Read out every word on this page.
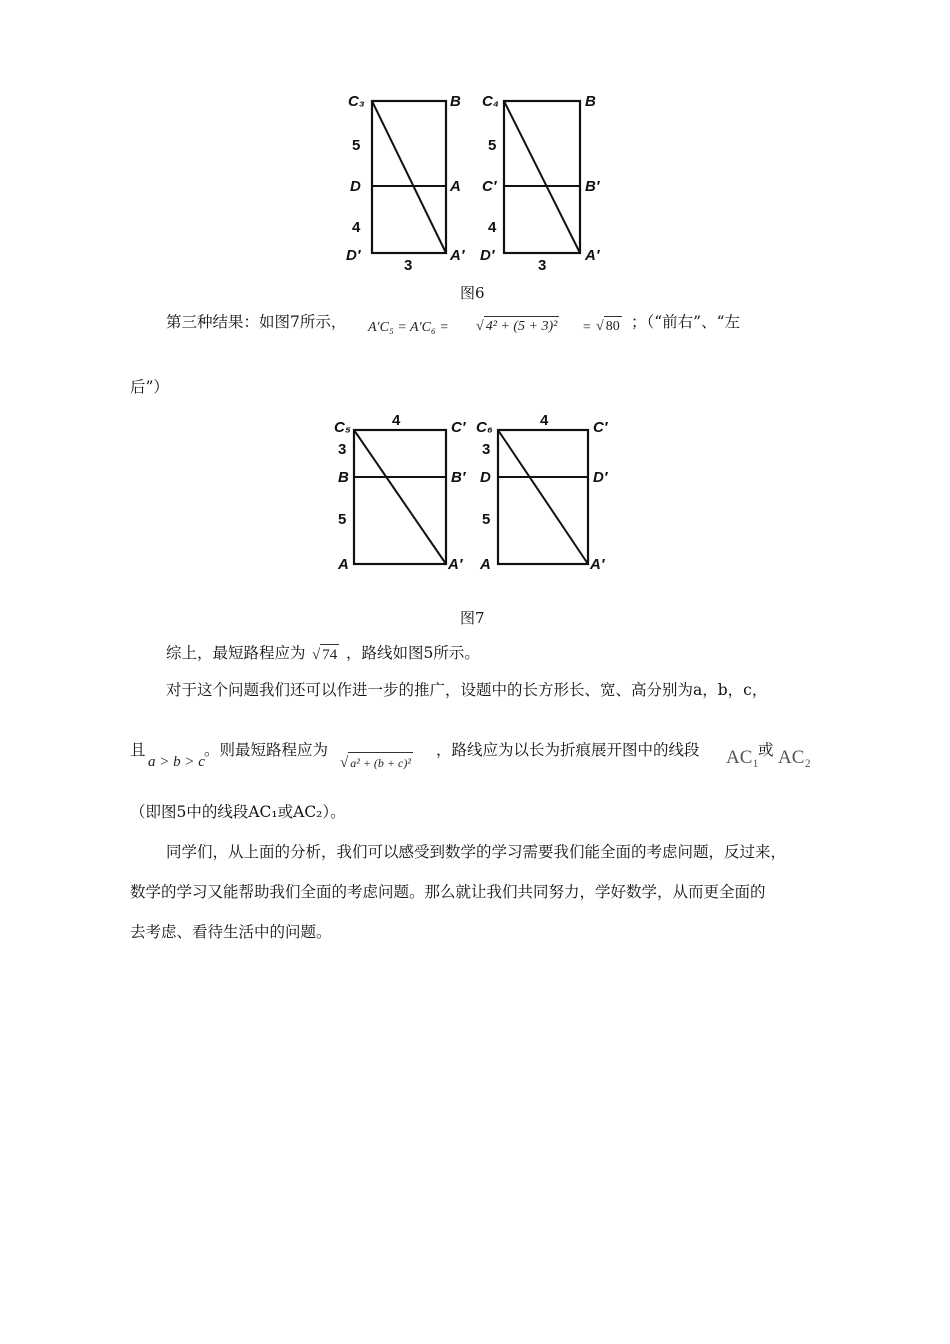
C₃	B
5
D	A
4
D′	A′
3
C₄	B
5
C′	B′
4
D′	A′
3
图6
第三种结果：如图7所示， A′C₅ = A′C₆ = √ 4² + (5 + 3)² = √ 80 ；（“前右”、“左
后”）
C₅	4	C′
3
B	B′
5
A	A′
C₆	4	C′
3
D	D′
5
A	A′
图7
综上，最短路程应为 √ 74 ，路线如图5所示。
对于这个问题我们还可以作进一步的推广，设题中的长方形长、宽、高分别为a，b，c，
且
a > b > c
。则最短路程应为
√ a² + (b + c)²
，路线应为以长为折痕展开图中的线段 AC₁
或 AC₂
（即图5中的线段AC₁或AC₂）。
同学们，从上面的分析，我们可以感受到数学的学习需要我们能全面的考虑问题，反过来，
数学的学习又能帮助我们全面的考虑问题。那么就让我们共同努力，学好数学，从而更全面的
去考虑、看待生活中的问题。
